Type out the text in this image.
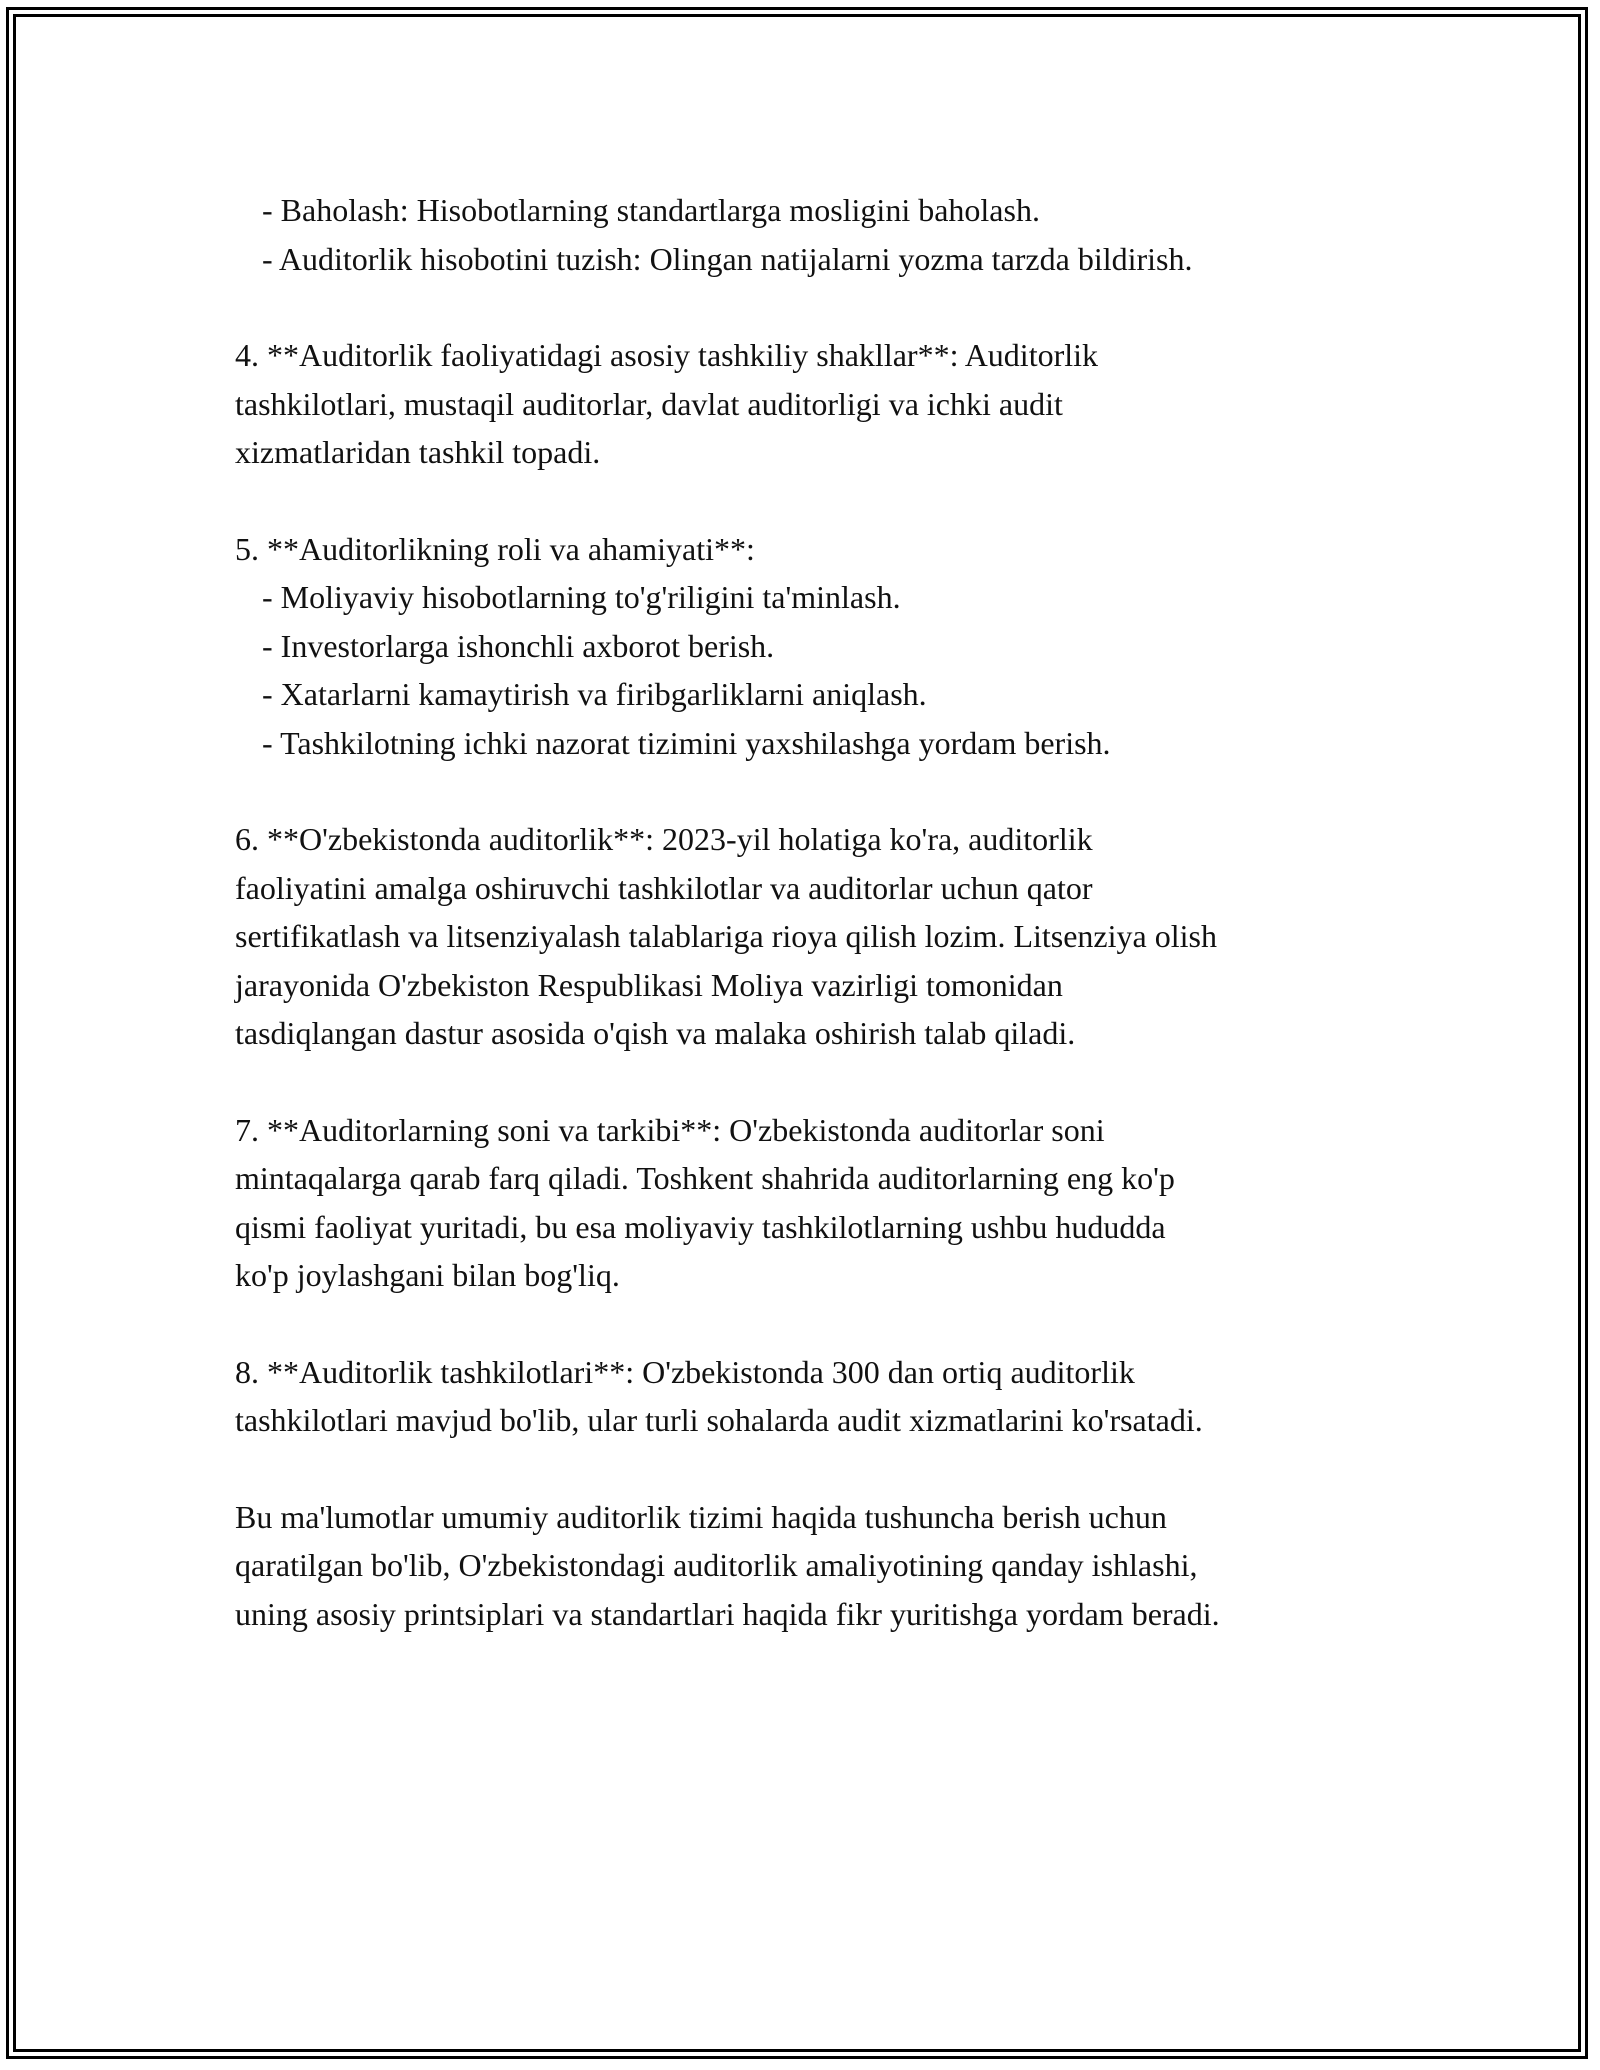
- Baholash: Hisobotlarning standartlarga mosligini baholash.
- Auditorlik hisobotini tuzish: Olingan natijalarni yozma tarzda bildirish.
4. **Auditorlik faoliyatidagi asosiy tashkiliy shakllar**: Auditorlik
tashkilotlari, mustaqil auditorlar, davlat auditorligi va ichki audit
xizmatlaridan tashkil topadi.
5. **Auditorlikning roli va ahamiyati**:
- Moliyaviy hisobotlarning to'g'riligini ta'minlash.
- Investorlarga ishonchli axborot berish.
- Xatarlarni kamaytirish va firibgarliklarni aniqlash.
- Tashkilotning ichki nazorat tizimini yaxshilashga yordam berish.
6. **O'zbekistonda auditorlik**: 2023-yil holatiga ko'ra, auditorlik
faoliyatini amalga oshiruvchi tashkilotlar va auditorlar uchun qator
sertifikatlash va litsenziyalash talablariga rioya qilish lozim. Litsenziya olish
jarayonida O'zbekiston Respublikasi Moliya vazirligi tomonidan
tasdiqlangan dastur asosida o'qish va malaka oshirish talab qiladi.
7. **Auditorlarning soni va tarkibi**: O'zbekistonda auditorlar soni
mintaqalarga qarab farq qiladi. Toshkent shahrida auditorlarning eng ko'p
qismi faoliyat yuritadi, bu esa moliyaviy tashkilotlarning ushbu hududda
ko'p joylashgani bilan bog'liq.
8. **Auditorlik tashkilotlari**: O'zbekistonda 300 dan ortiq auditorlik
tashkilotlari mavjud bo'lib, ular turli sohalarda audit xizmatlarini ko'rsatadi.
Bu ma'lumotlar umumiy auditorlik tizimi haqida tushuncha berish uchun
qaratilgan bo'lib, O'zbekistondagi auditorlik amaliyotining qanday ishlashi,
uning asosiy printsiplari va standartlari haqida fikr yuritishga yordam beradi.
